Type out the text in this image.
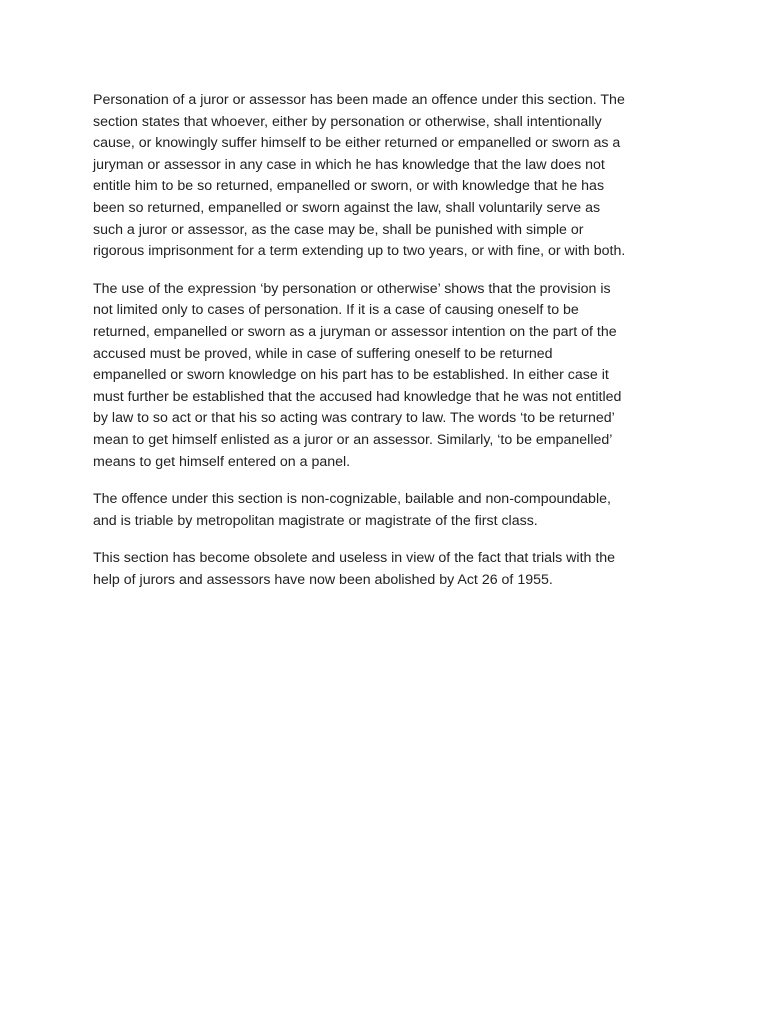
Personation of a juror or assessor has been made an offence under this section. The
section states that whoever, either by personation or otherwise, shall intentionally
cause, or knowingly suffer himself to be either returned or empanelled or sworn as a
juryman or assessor in any case in which he has knowledge that the law does not
entitle him to be so returned, empanelled or sworn, or with knowledge that he has
been so returned, empanelled or sworn against the law, shall voluntarily serve as
such a juror or assessor, as the case may be, shall be punished with simple or
rigorous imprisonment for a term extending up to two years, or with fine, or with both.

The use of the expression ‘by personation or otherwise’ shows that the provision is
not limited only to cases of personation. If it is a case of causing oneself to be
returned, empanelled or sworn as a juryman or assessor intention on the part of the
accused must be proved, while in case of suffering oneself to be returned
empanelled or sworn knowledge on his part has to be established. In either case it
must further be established that the accused had knowledge that he was not entitled
by law to so act or that his so acting was contrary to law. The words ‘to be returned’
mean to get himself enlisted as a juror or an assessor. Similarly, ‘to be empanelled’
means to get himself entered on a panel.

The offence under this section is non-cognizable, bailable and non-compoundable,
and is triable by metropolitan magistrate or magistrate of the first class.

This section has become obsolete and useless in view of the fact that trials with the
help of jurors and assessors have now been abolished by Act 26 of 1955.
